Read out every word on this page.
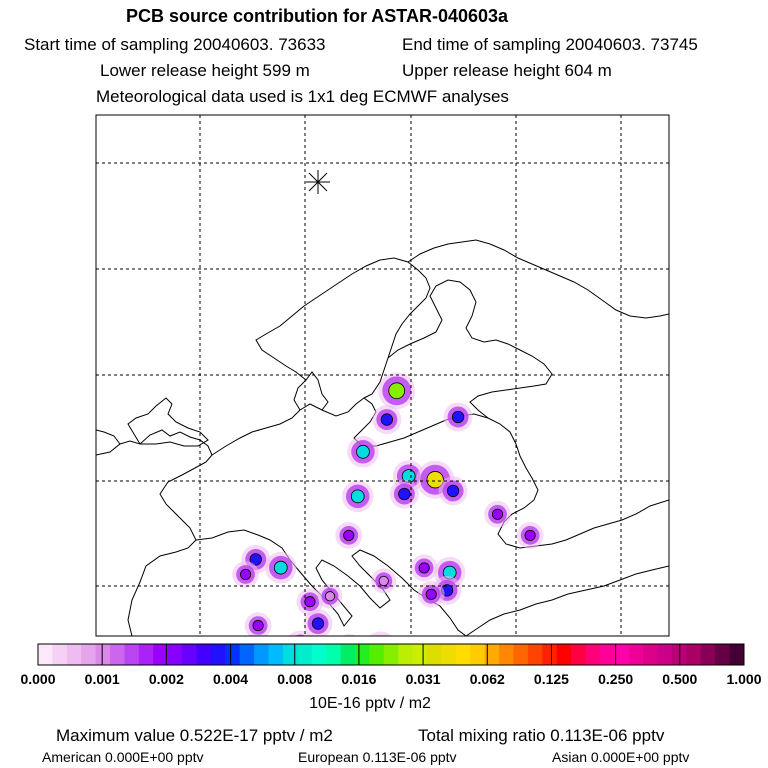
PCB source contribution for ASTAR-040603a
Start time of sampling 20040603. 73633	End time of sampling 20040603. 73745
Lower release height 599 m	Upper release height 604 m
Meteorological data used is 1x1 deg ECMWF analyses
0.000 0.001 0.002 0.004 0.008 0.016 0.031 0.062 0.125 0.250 0.500 1.000
10E-16 pptv / m2
Maximum value 0.522E-17 pptv / m2	Total mixing ratio 0.113E-06 pptv
American 0.000E+00 pptv	European 0.113E-06 pptv	Asian 0.000E+00 pptv
